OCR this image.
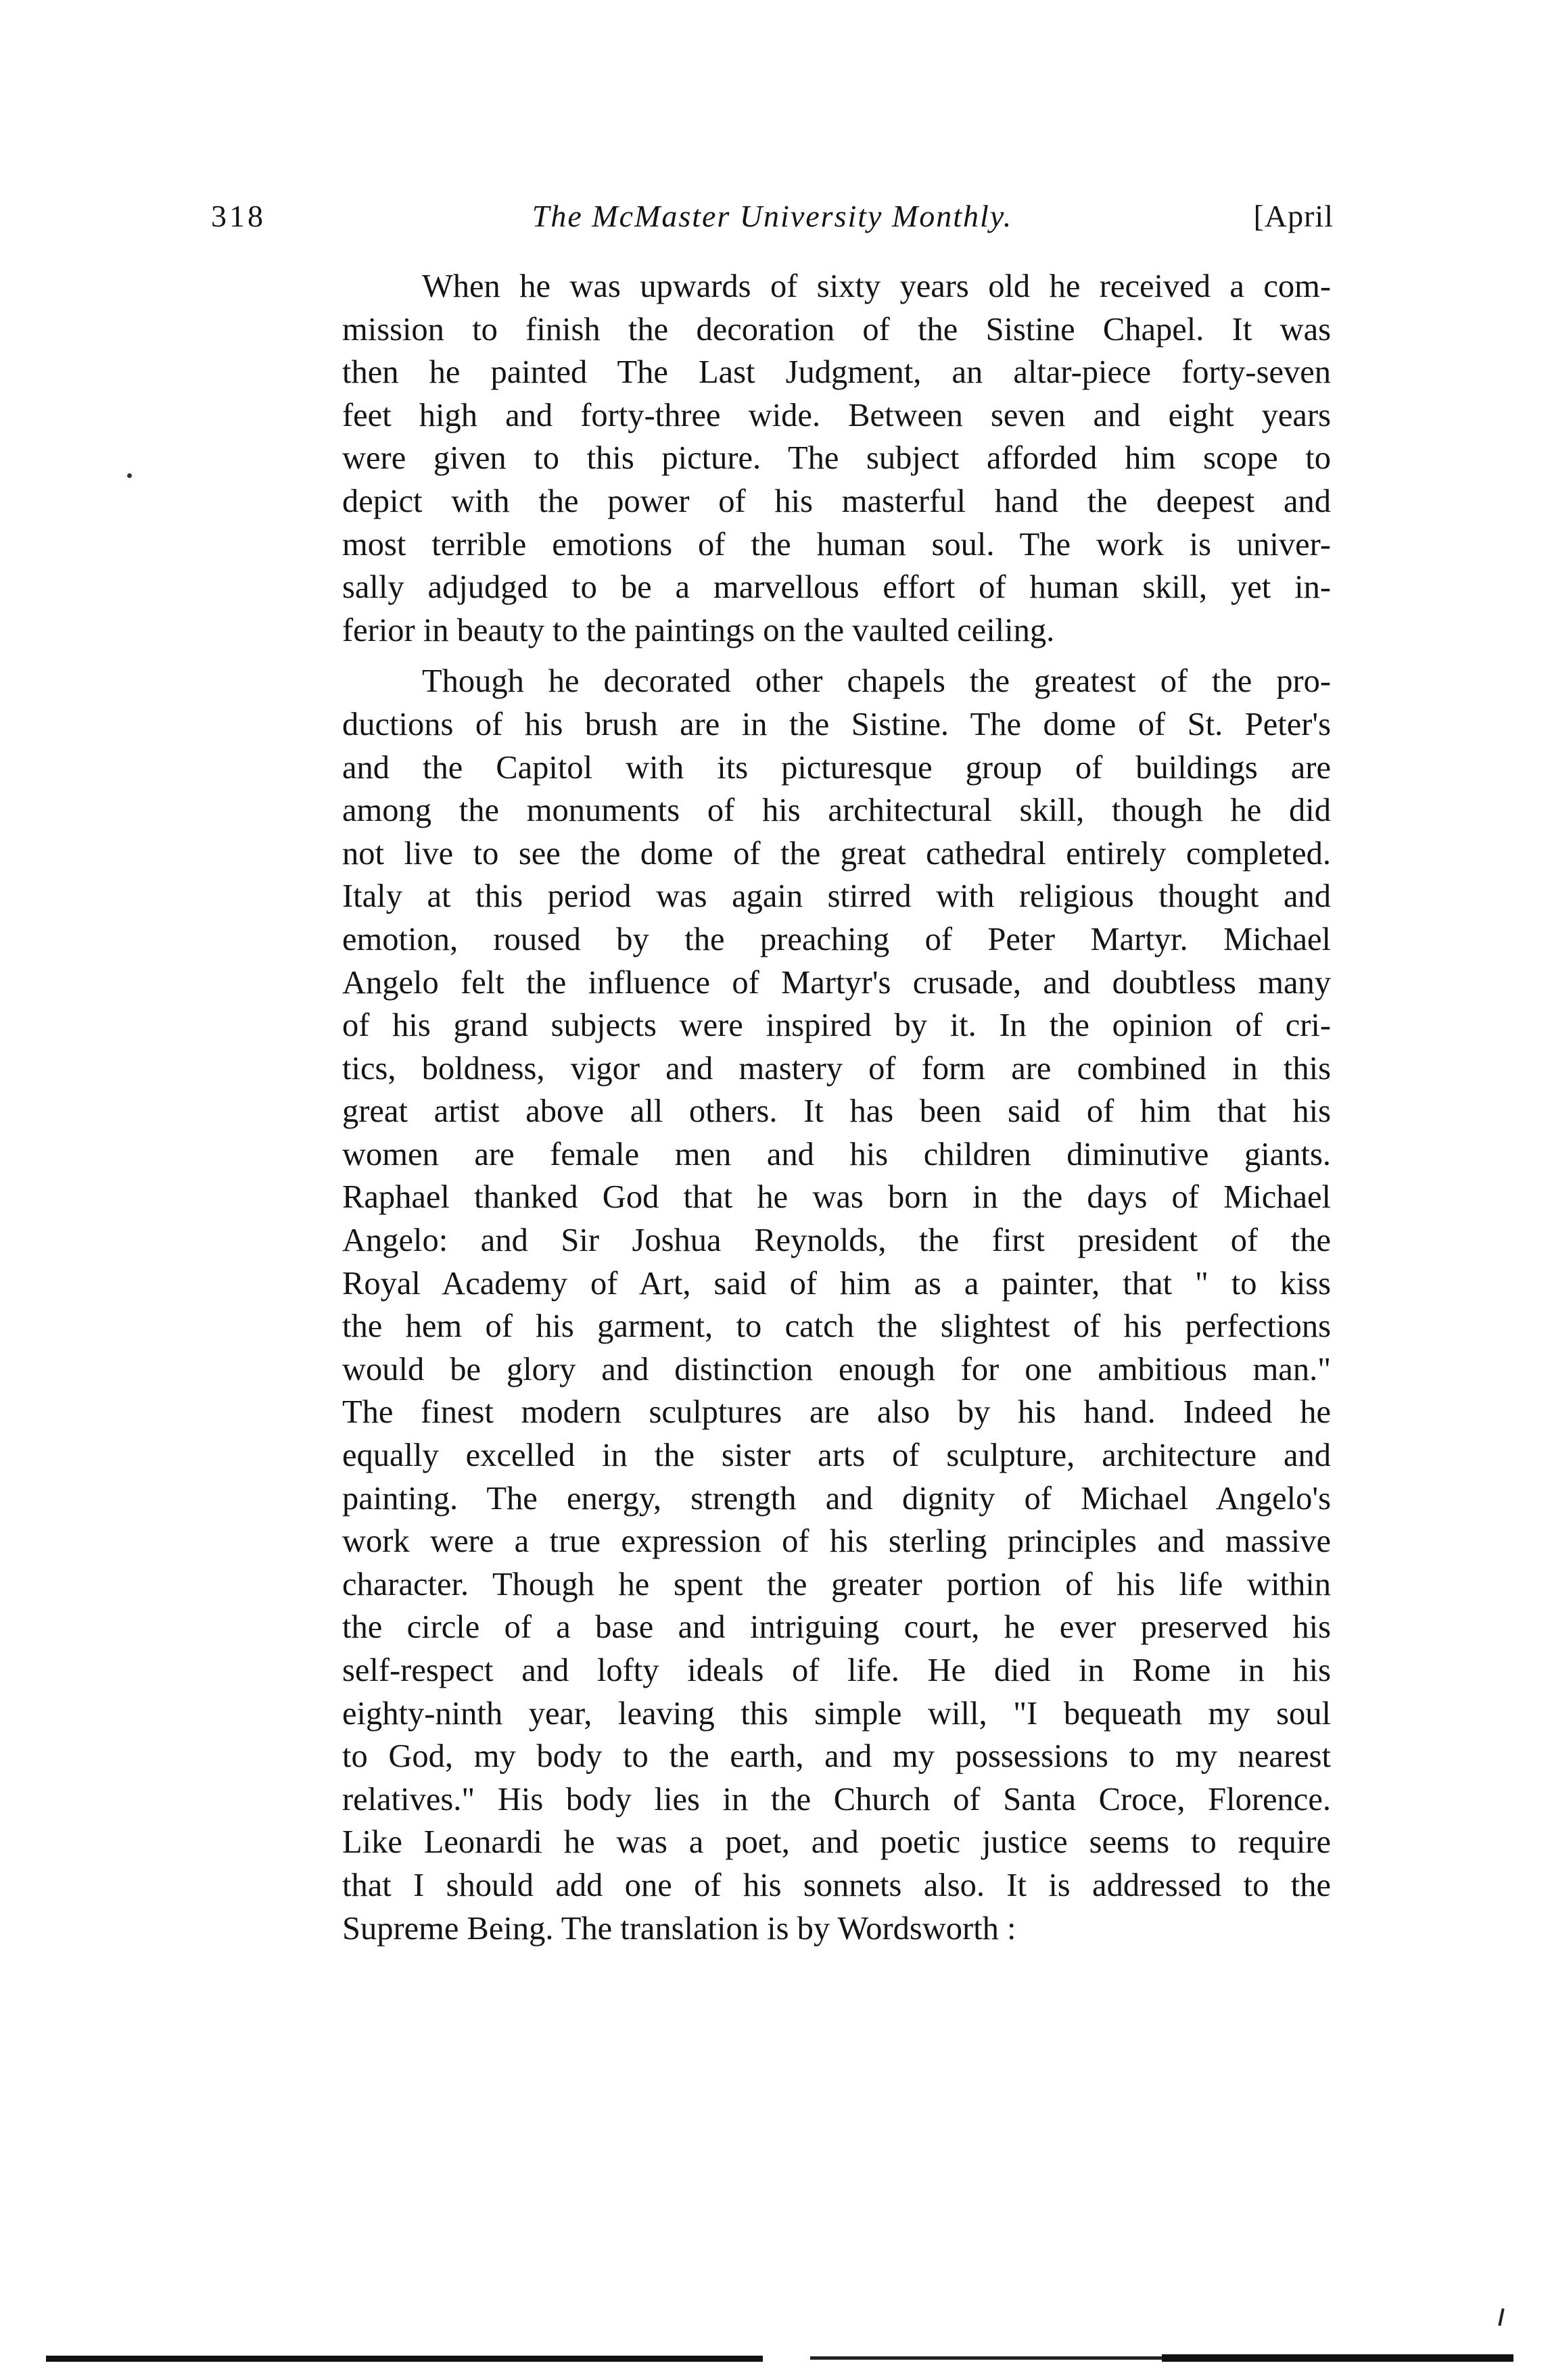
318	The McMaster University Monthly.	[April

When he was upwards of sixty years old he received a com-
mission to finish the decoration of the Sistine Chapel. It was
then he painted The Last Judgment, an altar-piece forty-seven
feet high and forty-three wide. Between seven and eight years
were given to this picture. The subject afforded him scope to
depict with the power of his masterful hand the deepest and
most terrible emotions of the human soul. The work is univer-
sally adjudged to be a marvellous effort of human skill, yet in-
ferior in beauty to the paintings on the vaulted ceiling.

Though he decorated other chapels the greatest of the pro-
ductions of his brush are in the Sistine. The dome of St. Peter's
and the Capitol with its picturesque group of buildings are
among the monuments of his architectural skill, though he did
not live to see the dome of the great cathedral entirely completed.
Italy at this period was again stirred with religious thought and
emotion, roused by the preaching of Peter Martyr. Michael
Angelo felt the influence of Martyr's crusade, and doubtless many
of his grand subjects were inspired by it. In the opinion of cri-
tics, boldness, vigor and mastery of form are combined in this
great artist above all others. It has been said of him that his
women are female men and his children diminutive giants.
Raphael thanked God that he was born in the days of Michael
Angelo: and Sir Joshua Reynolds, the first president of the
Royal Academy of Art, said of him as a painter, that " to kiss
the hem of his garment, to catch the slightest of his perfections
would be glory and distinction enough for one ambitious man."
The finest modern sculptures are also by his hand. Indeed he
equally excelled in the sister arts of sculpture, architecture and
painting. The energy, strength and dignity of Michael Angelo's
work were a true expression of his sterling principles and massive
character. Though he spent the greater portion of his life within
the circle of a base and intriguing court, he ever preserved his
self-respect and lofty ideals of life. He died in Rome in his
eighty-ninth year, leaving this simple will, "I bequeath my soul
to God, my body to the earth, and my possessions to my nearest
relatives." His body lies in the Church of Santa Croce, Florence.
Like Leonardi he was a poet, and poetic justice seems to require
that I should add one of his sonnets also. It is addressed to the
Supreme Being. The translation is by Wordsworth :
